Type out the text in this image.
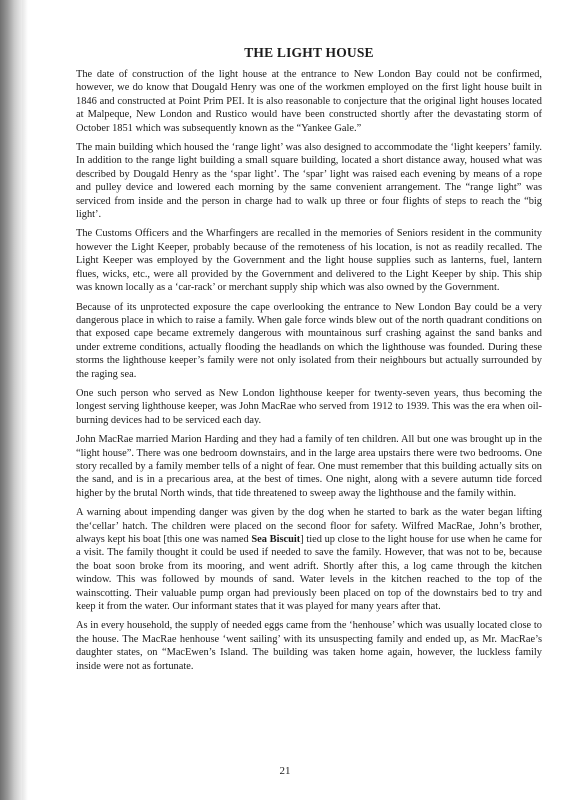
THE LIGHT HOUSE

The date of construction of the light house at the entrance to New London Bay could not be confirmed, however, we do know that Dougald Henry was one of the workmen employed on the first light house built in 1846 and constructed at Point Prim PEI. It is also reasonable to conjecture that the original light houses located at Malpeque, New London and Rustico would have been constructed shortly after the devastating storm of October 1851 which was subsequently known as the “Yankee Gale.”

The main building which housed the ‘range light’ was also designed to accommodate the ‘light keepers’ family. In addition to the range light building a small square building, located a short distance away, housed what was described by Dougald Henry as the ‘spar light’. The ‘spar’ light was raised each evening by means of a rope and pulley device and lowered each morning by the same convenient arrangement. The “range light” was serviced from inside and the person in charge had to walk up three or four flights of steps to reach the “big light’.

The Customs Officers and the Wharfingers are recalled in the memories of Seniors resident in the community however the Light Keeper, probably because of the remoteness of his location, is not as readily recalled. The Light Keeper was employed by the Government and the light house supplies such as lanterns, fuel, lantern flues, wicks, etc., were all provided by the Government and delivered to the Light Keeper by ship. This ship was known locally as a ‘car-rack’ or merchant supply ship which was also owned by the Government.

Because of its unprotected exposure the cape overlooking the entrance to New London Bay could be a very dangerous place in which to raise a family. When gale force winds blew out of the north quadrant conditions on that exposed cape became extremely dangerous with mountainous surf crashing against the sand banks and under extreme conditions, actually flooding the headlands on which the lighthouse was founded. During these storms the lighthouse keeper’s family were not only isolated from their neighbours but actually surrounded by the raging sea.

One such person who served as New London lighthouse keeper for twenty-seven years, thus becoming the longest serving lighthouse keeper, was John MacRae who served from 1912 to 1939. This was the era when oil-burning devices had to be serviced each day.

John MacRae married Marion Harding and they had a family of ten children. All but one was brought up in the “light house”. There was one bedroom downstairs, and in the large area upstairs there were two bedrooms. One story recalled by a family member tells of a night of fear. One must remember that this building actually sits on the sand, and is in a precarious area, at the best of times. One night, along with a severe autumn tide forced higher by the brutal North winds, that tide threatened to sweep away the lighthouse and the family within.

A warning about impending danger was given by the dog when he started to bark as the water began lifting the‘cellar’ hatch. The children were placed on the second floor for safety. Wilfred MacRae, John’s brother, always kept his boat [this one was named Sea Biscuit] tied up close to the light house for use when he came for a visit. The family thought it could be used if needed to save the family. However, that was not to be, because the boat soon broke from its mooring, and went adrift. Shortly after this, a log came through the kitchen window. This was followed by mounds of sand. Water levels in the kitchen reached to the top of the wainscotting. Their valuable pump organ had previously been placed on top of the downstairs bed to try and keep it from the water. Our informant states that it was played for many years after that.

As in every household, the supply of needed eggs came from the ‘henhouse’ which was usually located close to the house. The MacRae henhouse ‘went sailing’ with its unsuspecting family and ended up, as Mr. MacRae’s daughter states, on “MacEwen’s Island. The building was taken home again, however, the luckless family inside were not as fortunate.

21
